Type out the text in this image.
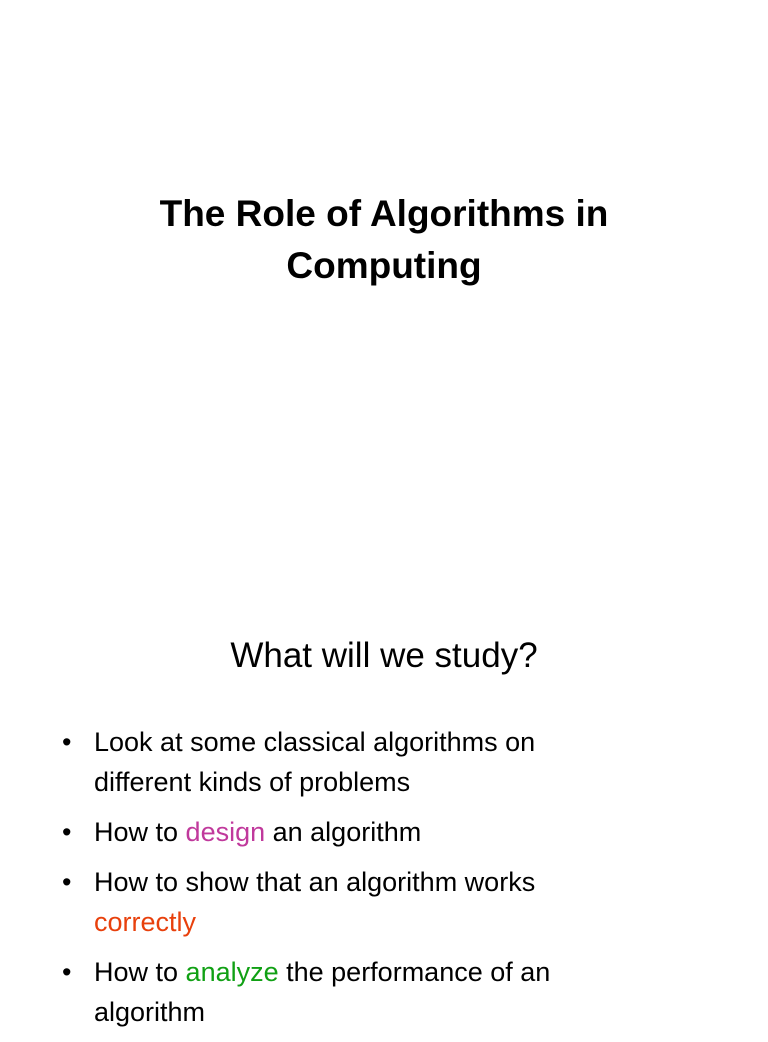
The Role of Algorithms in
Computing
What will we study?
• Look at some classical algorithms on
different kinds of problems
• How to design an algorithm
• How to show that an algorithm works
correctly
• How to analyze the performance of an
algorithm
